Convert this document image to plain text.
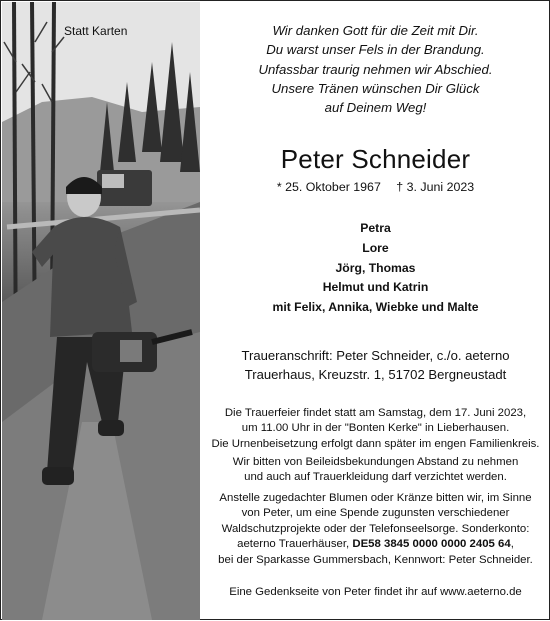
Statt Karten	Wir danken Gott für die Zeit mit Dir.
Du warst unser Fels in der Brandung.
Unfassbar traurig nehmen wir Abschied.
Unsere Tränen wünschen Dir Glück
auf Deinem Weg!
Peter Schneider
* 25. Oktober 1967 † 3. Juni 2023
Petra
Lore
Jörg, Thomas
Helmut und Katrin
mit Felix, Annika, Wiebke und Malte
Traueranschrift: Peter Schneider, c./o. aeterno
Trauerhaus, Kreuzstr. 1, 51702 Bergneustadt
Die Trauerfeier findet statt am Samstag, dem 17. Juni 2023,
um 11.00 Uhr in der "Bonten Kerke" in Lieberhausen.
Die Urnenbeisetzung erfolgt dann später im engen Familienkreis.
Wir bitten von Beileidsbekundungen Abstand zu nehmen
und auch auf Trauerkleidung darf verzichtet werden.
Anstelle zugedachter Blumen oder Kränze bitten wir, im Sinne
von Peter, um eine Spende zugunsten verschiedener
Waldschutzprojekte oder der Telefonseelsorge. Sonderkonto:
aeterno Trauerhäuser, DE58 3845 0000 0000 2405 64,
bei der Sparkasse Gummersbach, Kennwort: Peter Schneider.
Eine Gedenkseite von Peter findet ihr auf www.aeterno.de
